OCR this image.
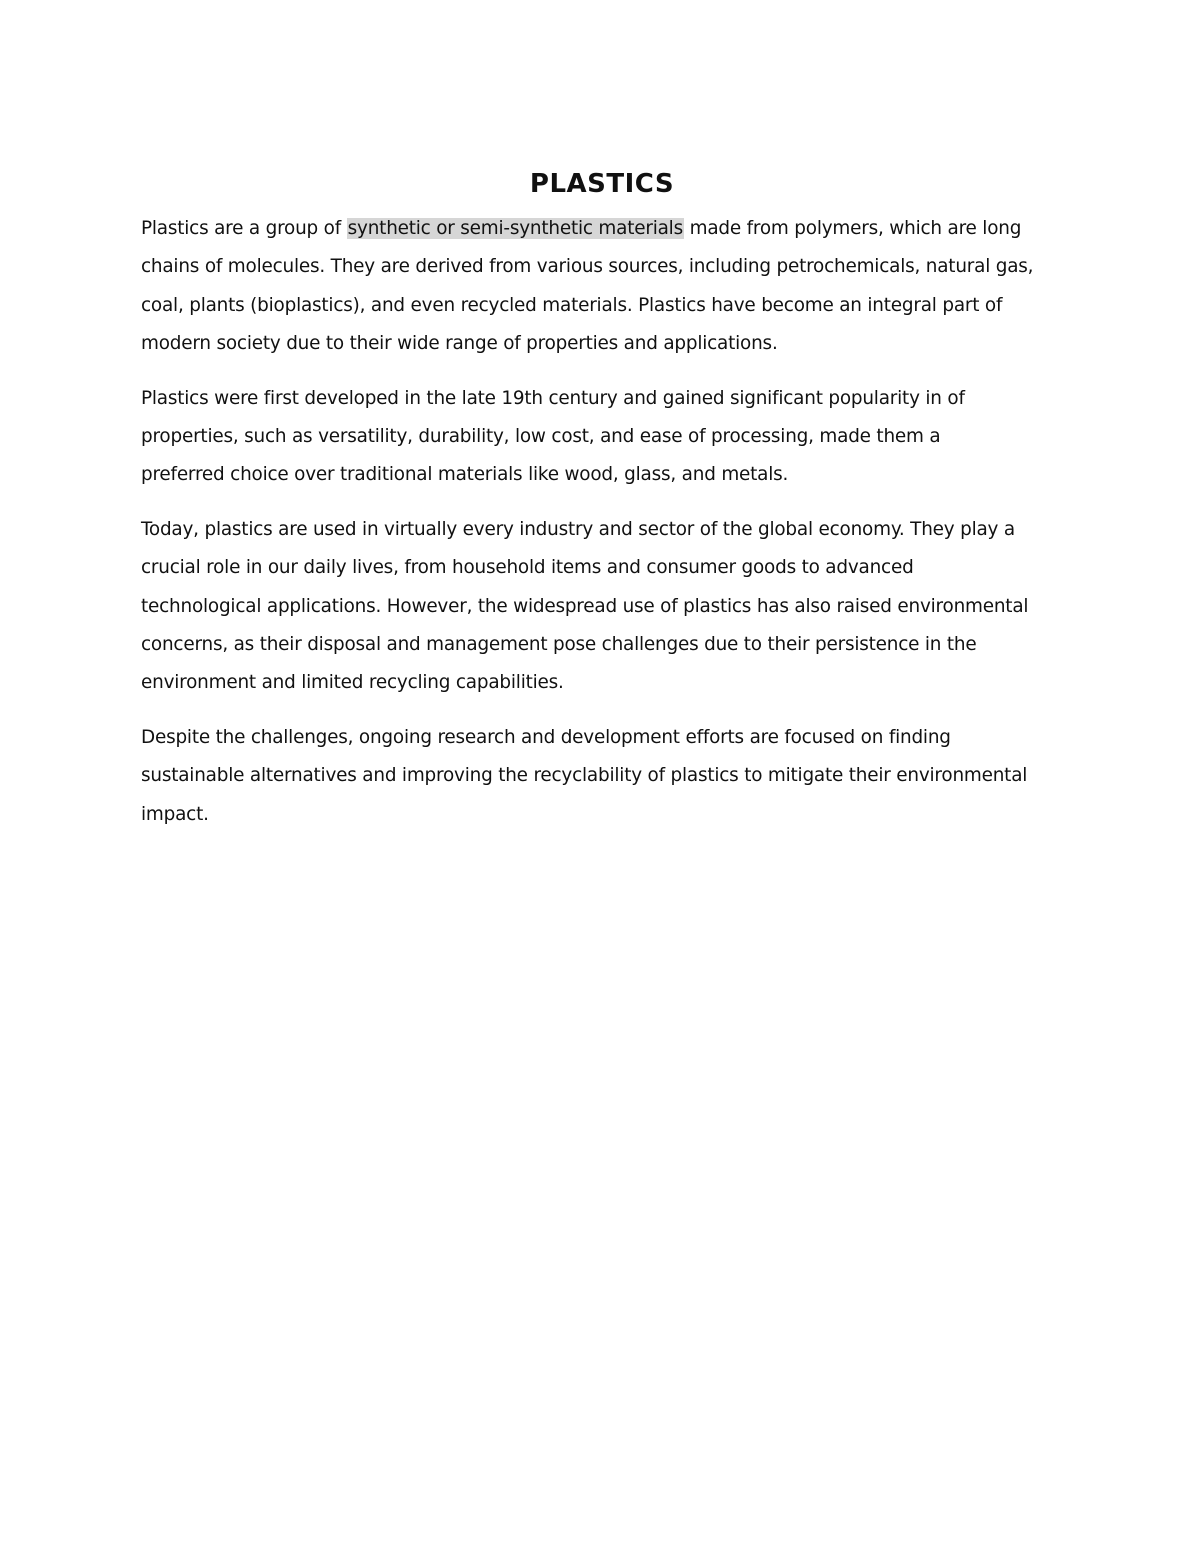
PLASTICS

Plastics are a group of synthetic or semi-synthetic materials made from polymers, which are long
chains of molecules. They are derived from various sources, including petrochemicals, natural gas,
coal, plants (bioplastics), and even recycled materials. Plastics have become an integral part of
modern society due to their wide range of properties and applications.

Plastics were first developed in the late 19th century and gained significant popularity in of
properties, such as versatility, durability, low cost, and ease of processing, made them a
preferred choice over traditional materials like wood, glass, and metals.

Today, plastics are used in virtually every industry and sector of the global economy. They play a
crucial role in our daily lives, from household items and consumer goods to advanced
technological applications. However, the widespread use of plastics has also raised environmental
concerns, as their disposal and management pose challenges due to their persistence in the
environment and limited recycling capabilities.

Despite the challenges, ongoing research and development efforts are focused on finding
sustainable alternatives and improving the recyclability of plastics to mitigate their environmental
impact.
